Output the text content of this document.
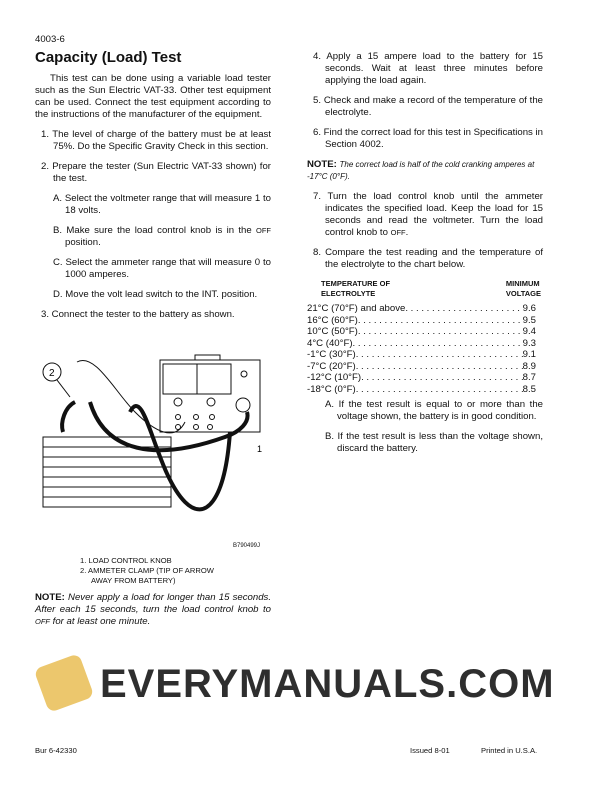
4003-6
Capacity (Load) Test

This test can be done using a variable load tester such as the Sun Electric VAT-33. Other test equipment can be used. Connect the test equipment according to the instructions of the manufacturer of the equipment.

1. The level of charge of the battery must be at least 75%. Do the Specific Gravity Check in this section.

2. Prepare the tester (Sun Electric VAT-33 shown) for the test.

A. Select the voltmeter range that will measure 1 to 18 volts.

B. Make sure the load control knob is in the OFF position.

C. Select the ammeter range that will measure 0 to 1000 amperes.

D. Move the volt lead switch to the INT. position.

3. Connect the tester to the battery as shown.

2
1
B790499J
1. LOAD CONTROL KNOB
2. AMMETER CLAMP (TIP OF ARROW
AWAY FROM BATTERY)
NOTE: Never apply a load for longer than 15 seconds. After each 15 seconds, turn the load control knob to OFF for at least one minute.

4. Apply a 15 ampere load to the battery for 15 seconds. Wait at least three minutes before applying the load again.

5. Check and make a record of the temperature of the electrolyte.

6. Find the correct load for this test in Specifications in Section 4002.

NOTE: The correct load is half of the cold cranking amperes at -17°C (0°F).

7. Turn the load control knob until the ammeter indicates the specified load. Keep the load for 15 seconds and read the voltmeter. Turn the load control knob to OFF.

8. Compare the test reading and the temperature of the electrolyte to the chart below.

TEMPERATURE OF
ELECTROLYTE
MINIMUM
VOLTAGE
21°C (70°F) and above . . .	9.6
16°C (60°F) . . .	9.5
10°C (50°F) . . .	9.4
4°C (40°F) . . .	9.3
-1°C (30°F) . . .	9.1
-7°C (20°F) . . .	8.9
-12°C (10°F) . . .	8.7
-18°C (0°F) . . .	8.5

A. If the test result is equal to or more than the voltage shown, the battery is in good condition.

B. If the test result is less than the voltage shown, discard the battery.

EVERYMANUALS.COM
Bur 6-42330	Issued 8-01	Printed in U.S.A.
